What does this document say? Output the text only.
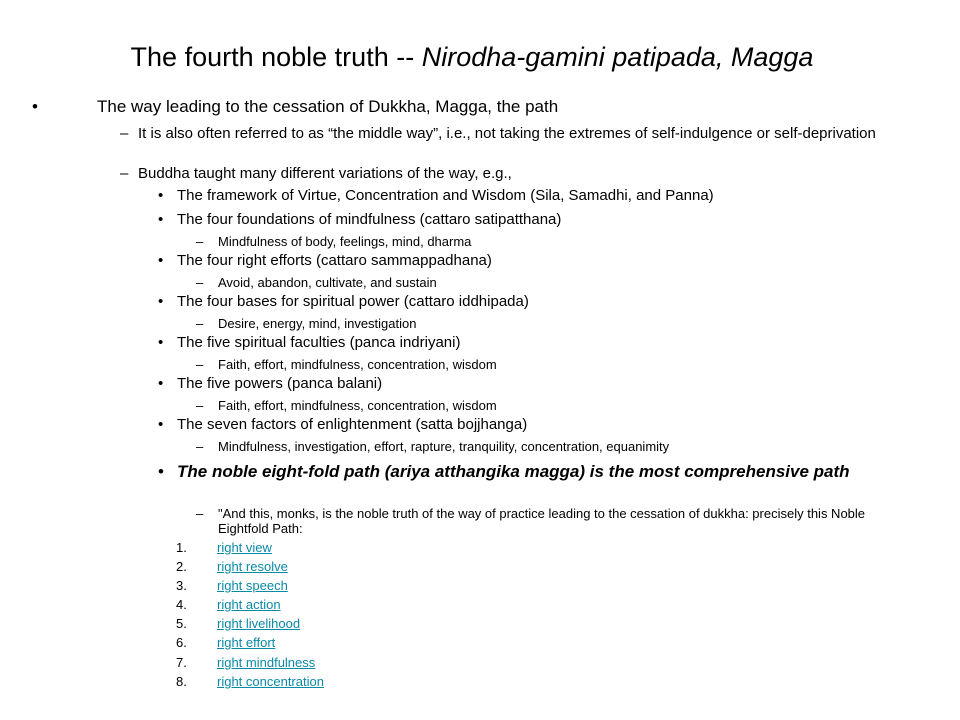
The fourth noble truth -- Nirodha-gamini patipada, Magga
•	The way leading to the cessation of Dukkha, Magga, the path
– It is also often referred to as “the middle way”, i.e., not taking the extremes of self-indulgence or self-deprivation
– Buddha taught many different variations of the way, e.g.,
• The framework of Virtue, Concentration and Wisdom (Sila, Samadhi, and Panna)
• The four foundations of mindfulness (cattaro satipatthana)
– Mindfulness of body, feelings, mind, dharma
• The four right efforts (cattaro sammappadhana)
– Avoid, abandon, cultivate, and sustain
• The four bases for spiritual power (cattaro iddhipada)
– Desire, energy, mind, investigation
• The five spiritual faculties (panca indriyani)
– Faith, effort, mindfulness, concentration, wisdom
• The five powers (panca balani)
– Faith, effort, mindfulness, concentration, wisdom
• The seven factors of enlightenment (satta bojjhanga)
– Mindfulness, investigation, effort, rapture, tranquility, concentration, equanimity
• The noble eight-fold path (ariya atthangika magga) is the most comprehensive path
– "And this, monks, is the noble truth of the way of practice leading to the cessation of dukkha: precisely this Noble Eightfold Path:
1. right view
2. right resolve
3. right speech
4. right action
5. right livelihood
6. right effort
7. right mindfulness
8. right concentration
